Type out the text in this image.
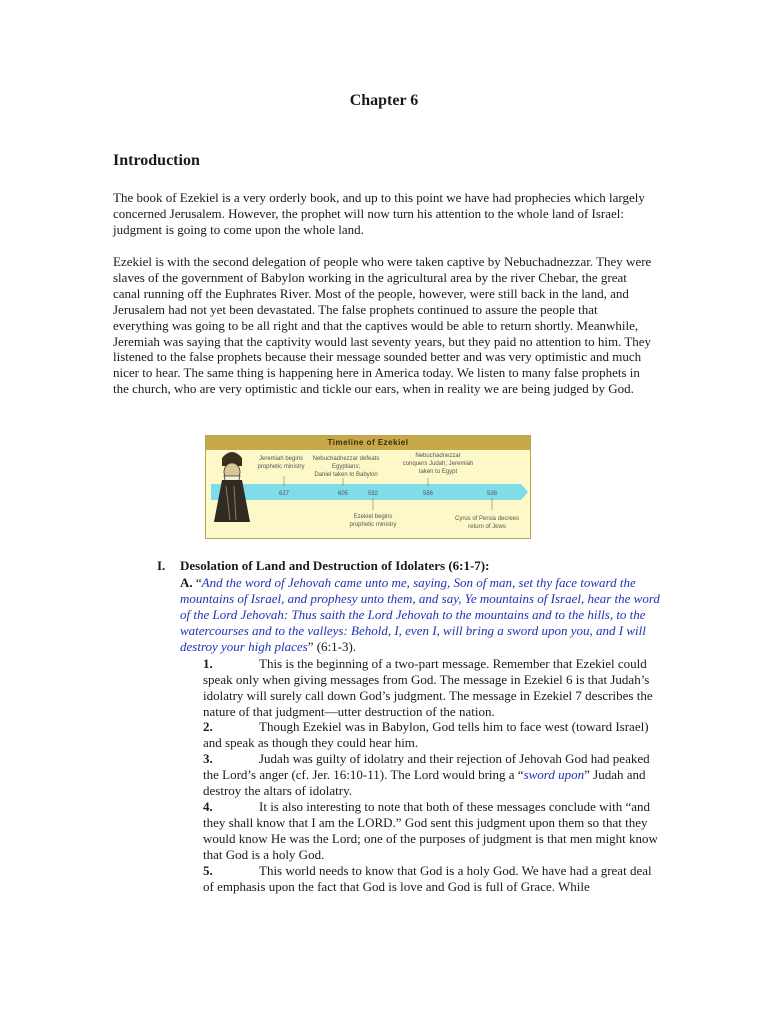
Chapter 6
Introduction

The book of Ezekiel is a very orderly book, and up to this point we have had prophecies which largely concerned Jerusalem. However, the prophet will now turn his attention to the whole land of Israel: judgment is going to come upon the whole land.

Ezekiel is with the second delegation of people who were taken captive by Nebuchadnezzar. They were slaves of the government of Babylon working in the agricultural area by the river Chebar, the great canal running off the Euphrates River. Most of the people, however, were still back in the land, and Jerusalem had not yet been devastated. The false prophets continued to assure the people that everything was going to be all right and that the captives would be able to return shortly. Meanwhile, Jeremiah was saying that the captivity would last seventy years, but they paid no attention to him. They listened to the false prophets because their message sounded better and was very optimistic and much nicer to hear. The same thing is happening here in America today. We listen to many false prophets in the church, who are very optimistic and tickle our ears, when in reality we are being judged by God.

Timeline of Ezekiel
627	605	592	586	538
Jeremiah begins
prophetic ministry
Nebuchadnezzar defeats
Egyptians;
Daniel taken to Babylon
Nebuchadnezzar
conquers Judah; Jeremiah
taken to Egypt
Ezekiel begins
prophetic ministry
Cyrus of Persia decrees
return of Jews
I. Desolation of Land and Destruction of Idolaters (6:1-7):

A. “And the word of Jehovah came unto me, saying, Son of man, set thy face toward the mountains of Israel, and prophesy unto them, and say, Ye mountains of Israel, hear the word of the Lord Jehovah: Thus saith the Lord Jehovah to the mountains and to the hills, to the watercourses and to the valleys: Behold, I, even I, will bring a sword upon you, and I will destroy your high places” (6:1-3).

1.	This is the beginning of a two-part message. Remember that Ezekiel could speak only when giving messages from God. The message in Ezekiel 6 is that Judah’s idolatry will surely call down God’s judgment. The message in Ezekiel 7 describes the nature of that judgment—utter destruction of the nation.

2.	Though Ezekiel was in Babylon, God tells him to face west (toward Israel) and speak as though they could hear him.

3.	Judah was guilty of idolatry and their rejection of Jehovah God had peaked the Lord’s anger (cf. Jer. 16:10-11). The Lord would bring a “sword upon” Judah and destroy the altars of idolatry.

4.	It is also interesting to note that both of these messages conclude with “and they shall know that I am the LORD.” God sent this judgment upon them so that they would know He was the Lord; one of the purposes of judgment is that men might know that God is a holy God.

5.	This world needs to know that God is a holy God. We have had a great deal of emphasis upon the fact that God is love and God is full of Grace. While
